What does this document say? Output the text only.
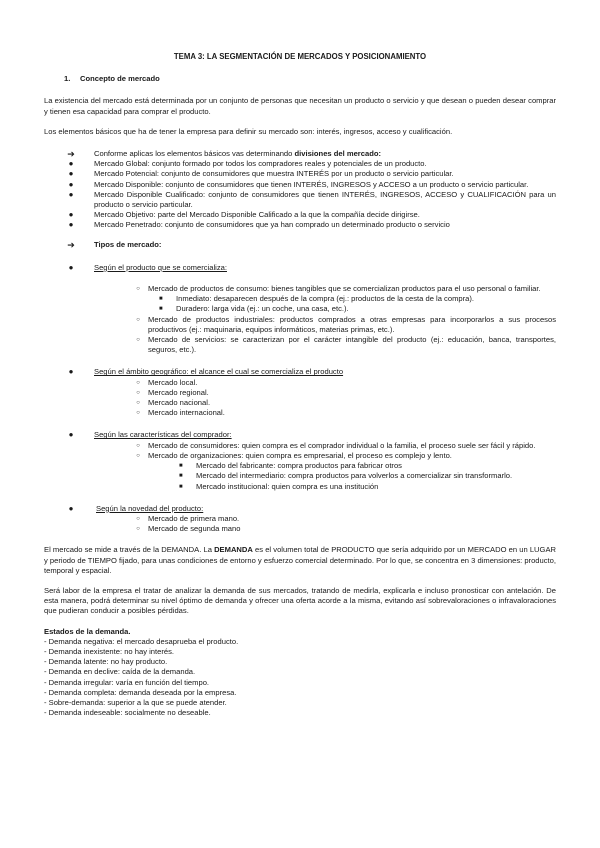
TEMA 3: LA SEGMENTACIÓN DE MERCADOS Y POSICIONAMIENTO

1. Concepto de mercado

La existencia del mercado está determinada por un conjunto de personas que necesitan un producto o servicio y que desean o pueden desear comprar y tienen esa capacidad para comprar el producto.

Los elementos básicos que ha de tener la empresa para definir su mercado son: interés, ingresos, acceso y cualificación.

➔	Conforme aplicas los elementos básicos vas determinando divisiones del mercado:
●	Mercado Global: conjunto formado por todos los compradores reales y potenciales de un producto.
●	Mercado Potencial: conjunto de consumidores que muestra INTERÉS por un producto o servicio particular.
●	Mercado Disponible: conjunto de consumidores que tienen INTERÉS, INGRESOS y ACCESO a un producto o servicio particular.
●	Mercado Disponible Cualificado: conjunto de consumidores que tienen INTERÉS, INGRESOS, ACCESO y CUALIFICACIÓN para un producto o servicio particular.
●	Mercado Objetivo: parte del Mercado Disponible Calificado a la que la compañía decide dirigirse.
●	Mercado Penetrado: conjunto de consumidores que ya han comprado un determinado producto o servicio
➔	Tipos de mercado:
●	Según el producto que se comercializa:
○	Mercado de productos de consumo: bienes tangibles que se comercializan productos para el uso personal o familiar.
■ Inmediato: desaparecen después de la compra (ej.: productos de la cesta de la compra).
■ Duradero: larga vida (ej.: un coche, una casa, etc.).
○	Mercado de productos industriales: productos comprados a otras empresas para incorporarlos a sus procesos productivos (ej.: maquinaria, equipos informáticos, materias primas, etc.).
○	Mercado de servicios: se caracterizan por el carácter intangible del producto (ej.: educación, banca, transportes, seguros, etc.).
●	Según el ámbito geográfico: el alcance el cual se comercializa el producto
○	Mercado local.
○	Mercado regional.
○	Mercado nacional.
○	Mercado internacional.
●	Según las características del comprador:
○	Mercado de consumidores: quien compra es el comprador individual o la familia, el proceso suele ser fácil y rápido.
○	Mercado de organizaciones: quien compra es empresarial, el proceso es complejo y lento.
■ Mercado del fabricante: compra productos para fabricar otros
■ Mercado del intermediario: compra productos para volverlos a comercializar sin transformarlo.
■ Mercado institucional: quien compra es una institución
●	Según la novedad del producto:
○	Mercado de primera mano.
○	Mercado de segunda mano

El mercado se mide a través de la DEMANDA. La DEMANDA es el volumen total de PRODUCTO que sería adquirido por un MERCADO en un LUGAR y periodo de TIEMPO fijado, para unas condiciones de entorno y esfuerzo comercial determinado. Por lo que, se concentra en 3 dimensiones: producto, temporal y espacial.

Será labor de la empresa el tratar de analizar la demanda de sus mercados, tratando de medirla, explicarla e incluso pronosticar con antelación. De esta manera, podrá determinar su nivel óptimo de demanda y ofrecer una oferta acorde a la misma, evitando así sobrevaloraciones o infravaloraciones que pudieran conducir a posibles pérdidas.

Estados de la demanda.

- Demanda negativa: el mercado desaprueba el producto.

- Demanda inexistente: no hay interés.

- Demanda latente: no hay producto.

- Demanda en declive: caída de la demanda.

- Demanda irregular: varía en función del tiempo.

- Demanda completa: demanda deseada por la empresa.

- Sobre-demanda: superior a la que se puede atender.

- Demanda indeseable: socialmente no deseable.
